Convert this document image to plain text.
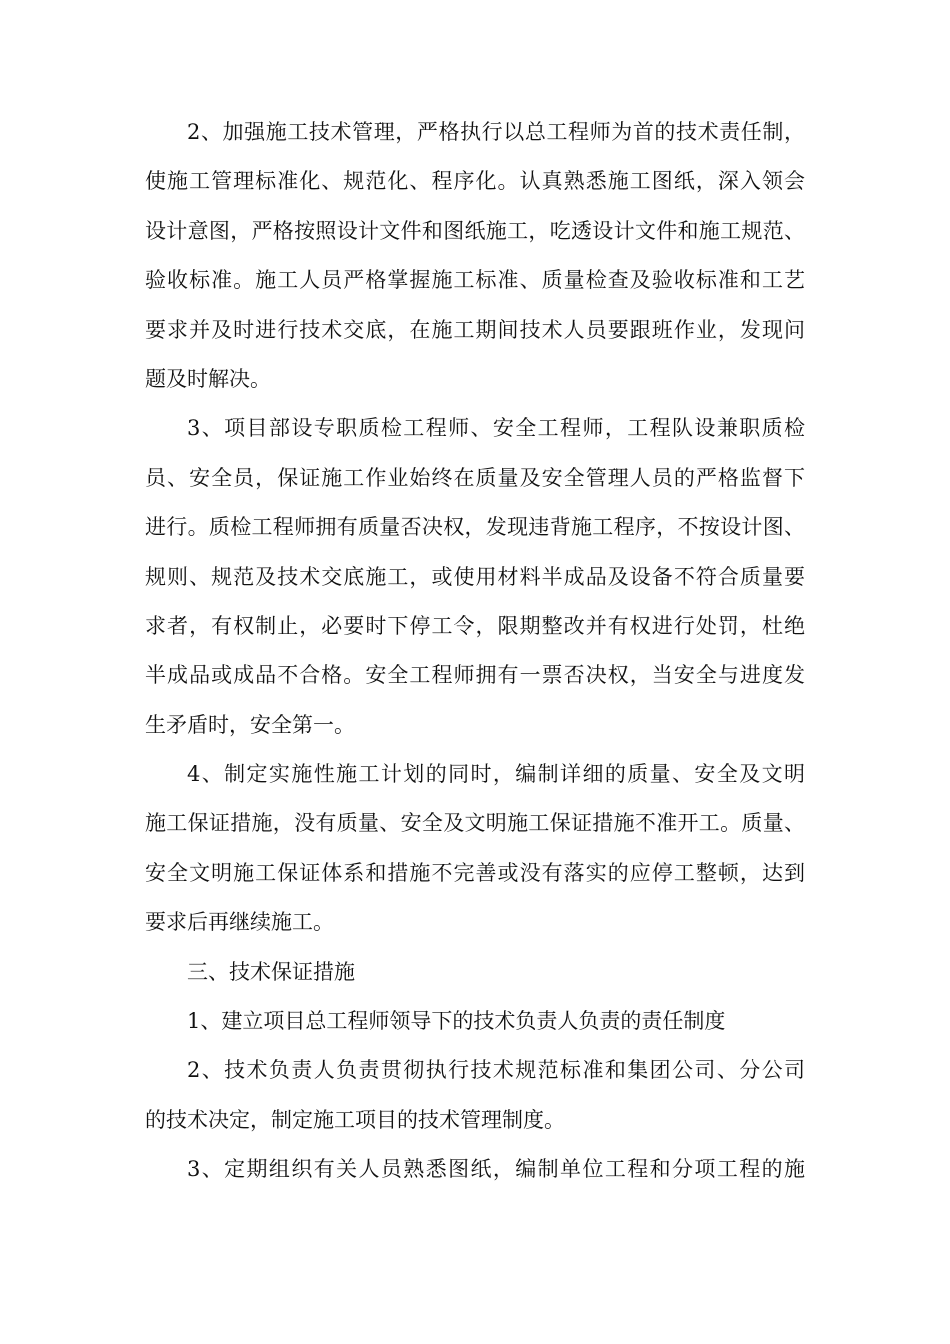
2、加强施工技术管理，严格执行以总工程师为首的技术责任制，
使施工管理标准化、规范化、程序化。认真熟悉施工图纸，深入领会
设计意图，严格按照设计文件和图纸施工，吃透设计文件和施工规范、
验收标准。施工人员严格掌握施工标准、质量检查及验收标准和工艺
要求并及时进行技术交底，在施工期间技术人员要跟班作业，发现问
题及时解决。
3、项目部设专职质检工程师、安全工程师，工程队设兼职质检
员、安全员，保证施工作业始终在质量及安全管理人员的严格监督下
进行。质检工程师拥有质量否决权，发现违背施工程序，不按设计图、
规则、规范及技术交底施工，或使用材料半成品及设备不符合质量要
求者，有权制止，必要时下停工令，限期整改并有权进行处罚，杜绝
半成品或成品不合格。安全工程师拥有一票否决权，当安全与进度发
生矛盾时，安全第一。
4、制定实施性施工计划的同时，编制详细的质量、安全及文明
施工保证措施，没有质量、安全及文明施工保证措施不准开工。质量、
安全文明施工保证体系和措施不完善或没有落实的应停工整顿，达到
要求后再继续施工。
三、技术保证措施
1、建立项目总工程师领导下的技术负责人负责的责任制度
2、技术负责人负责贯彻执行技术规范标准和集团公司、分公司
的技术决定，制定施工项目的技术管理制度。
3、定期组织有关人员熟悉图纸，编制单位工程和分项工程的施
